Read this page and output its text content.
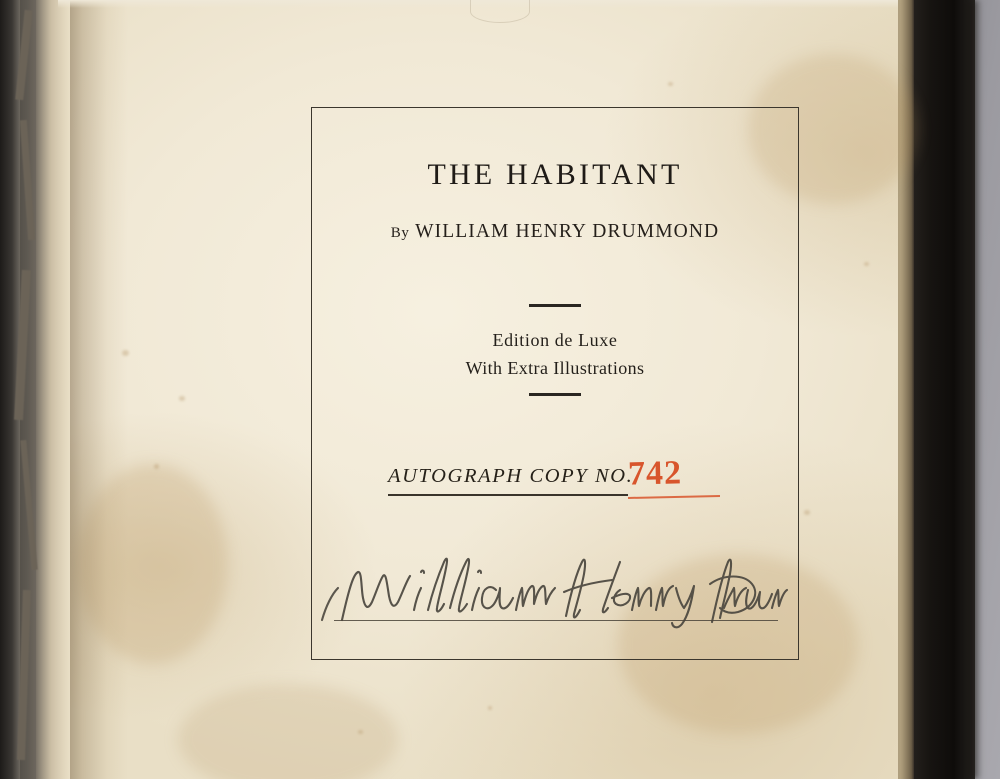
THE HABITANT
By WILLIAM HENRY DRUMMOND
Edition de Luxe
With Extra Illustrations
AUTOGRAPH COPY NO.
742
